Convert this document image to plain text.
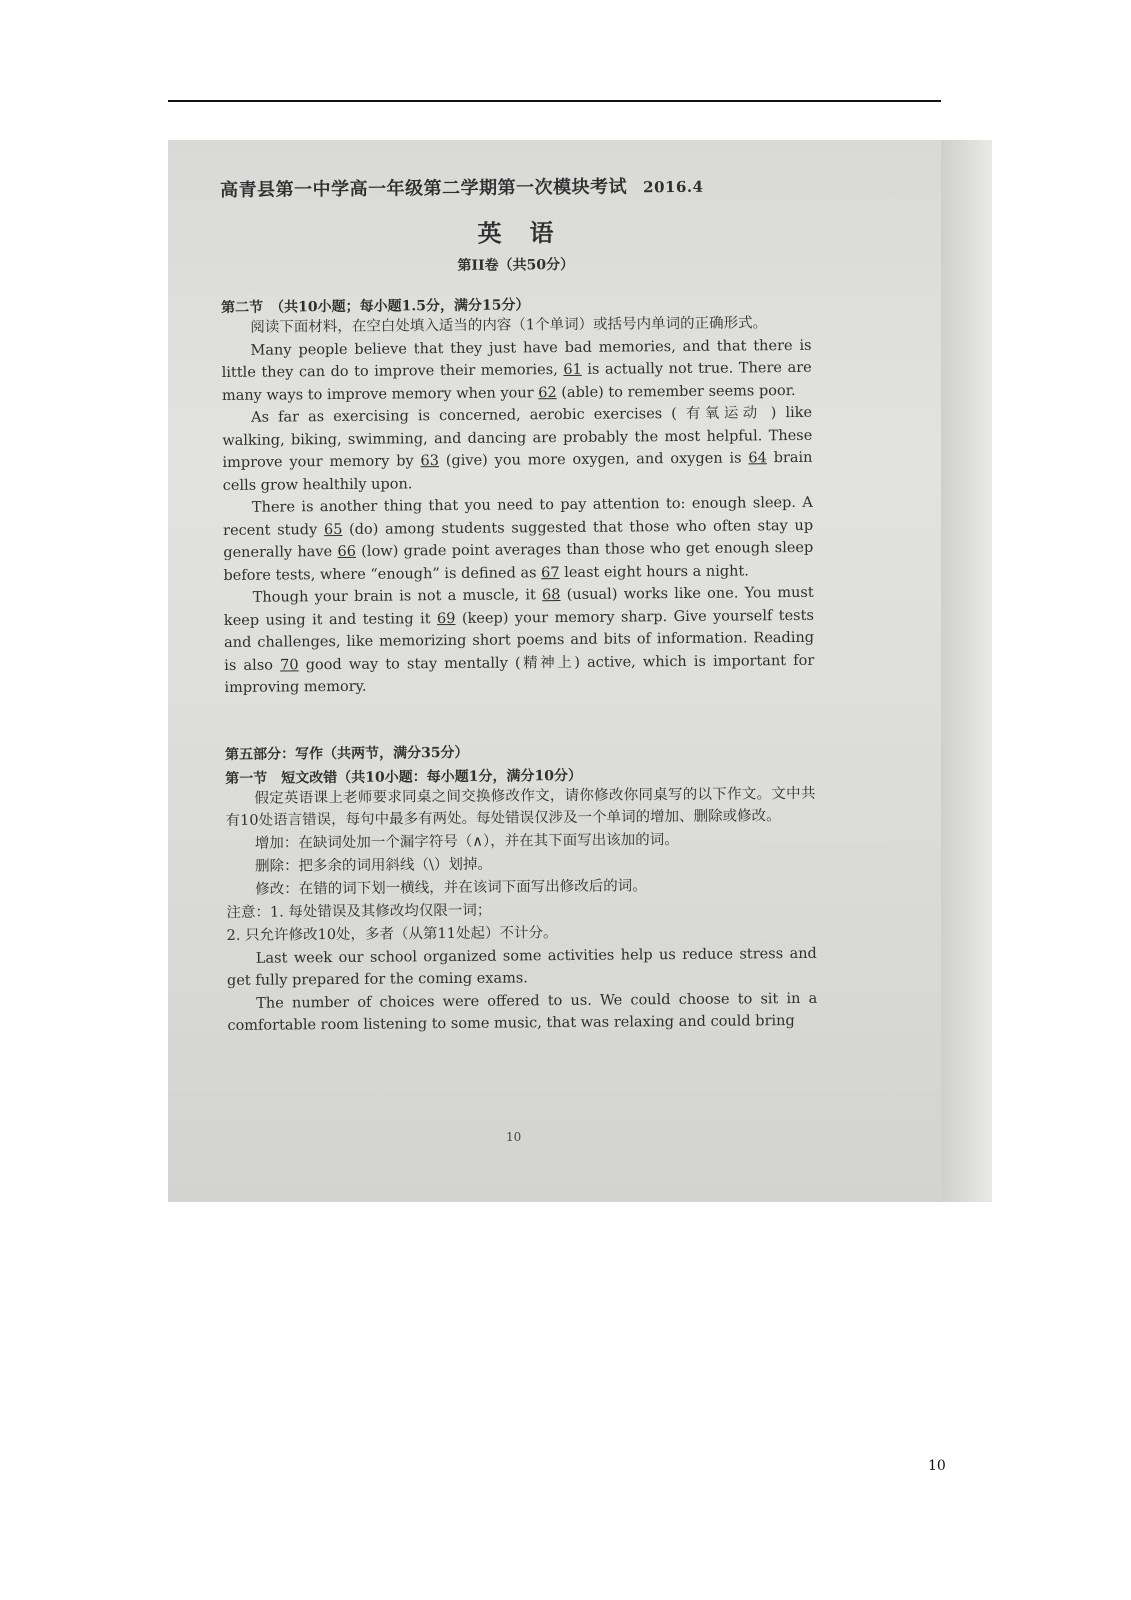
高青县第一中学高一年级第二学期第一次模块考试 2016.4
英语
第II卷（共50分）
第二节　（共10小题；每小题1.5分，满分15分）

阅读下面材料，在空白处填入适当的内容（1个单词）或括号内单词的正确形式。

Many people believe that they just have bad memories, and that there is little they can do to improve their memories, 61 is actually not true. There are many ways to improve memory when your 62 (able) to remember seems poor.

As far as exercising is concerned, aerobic exercises ( 有氧运动 ) like walking, biking, swimming, and dancing are probably the most helpful. These improve your memory by 63 (give) you more oxygen, and oxygen is 64 brain cells grow healthily upon.

There is another thing that you need to pay attention to: enough sleep. A recent study 65 (do) among students suggested that those who often stay up generally have 66 (low) grade point averages than those who get enough sleep before tests, where “enough” is defined as 67 least eight hours a night.

Though your brain is not a muscle, it 68 (usual) works like one. You must keep using it and testing it 69 (keep) your memory sharp. Give yourself tests and challenges, like memorizing short poems and bits of information. Reading is also 70 good way to stay mentally (精神上) active, which is important for improving memory.

第五部分：写作（共两节，满分35分）
第一节　短文改错（共10小题：每小题1分，满分10分）

假定英语课上老师要求同桌之间交换修改作文，请你修改你同桌写的以下作文。文中共有10处语言错误，每句中最多有两处。每处错误仅涉及一个单词的增加、删除或修改。

增加：在缺词处加一个漏字符号（∧），并在其下面写出该加的词。
删除：把多余的词用斜线（\）划掉。
修改：在错的词下划一横线，并在该词下面写出修改后的词。
注意：1. 每处错误及其修改均仅限一词；
2. 只允许修改10处，多者（从第11处起）不计分。

Last week our school organized some activities help us reduce stress and get fully prepared for the coming exams.

The number of choices were offered to us. We could choose to sit in a comfortable room listening to some music, that was relaxing and could bring

10
10
